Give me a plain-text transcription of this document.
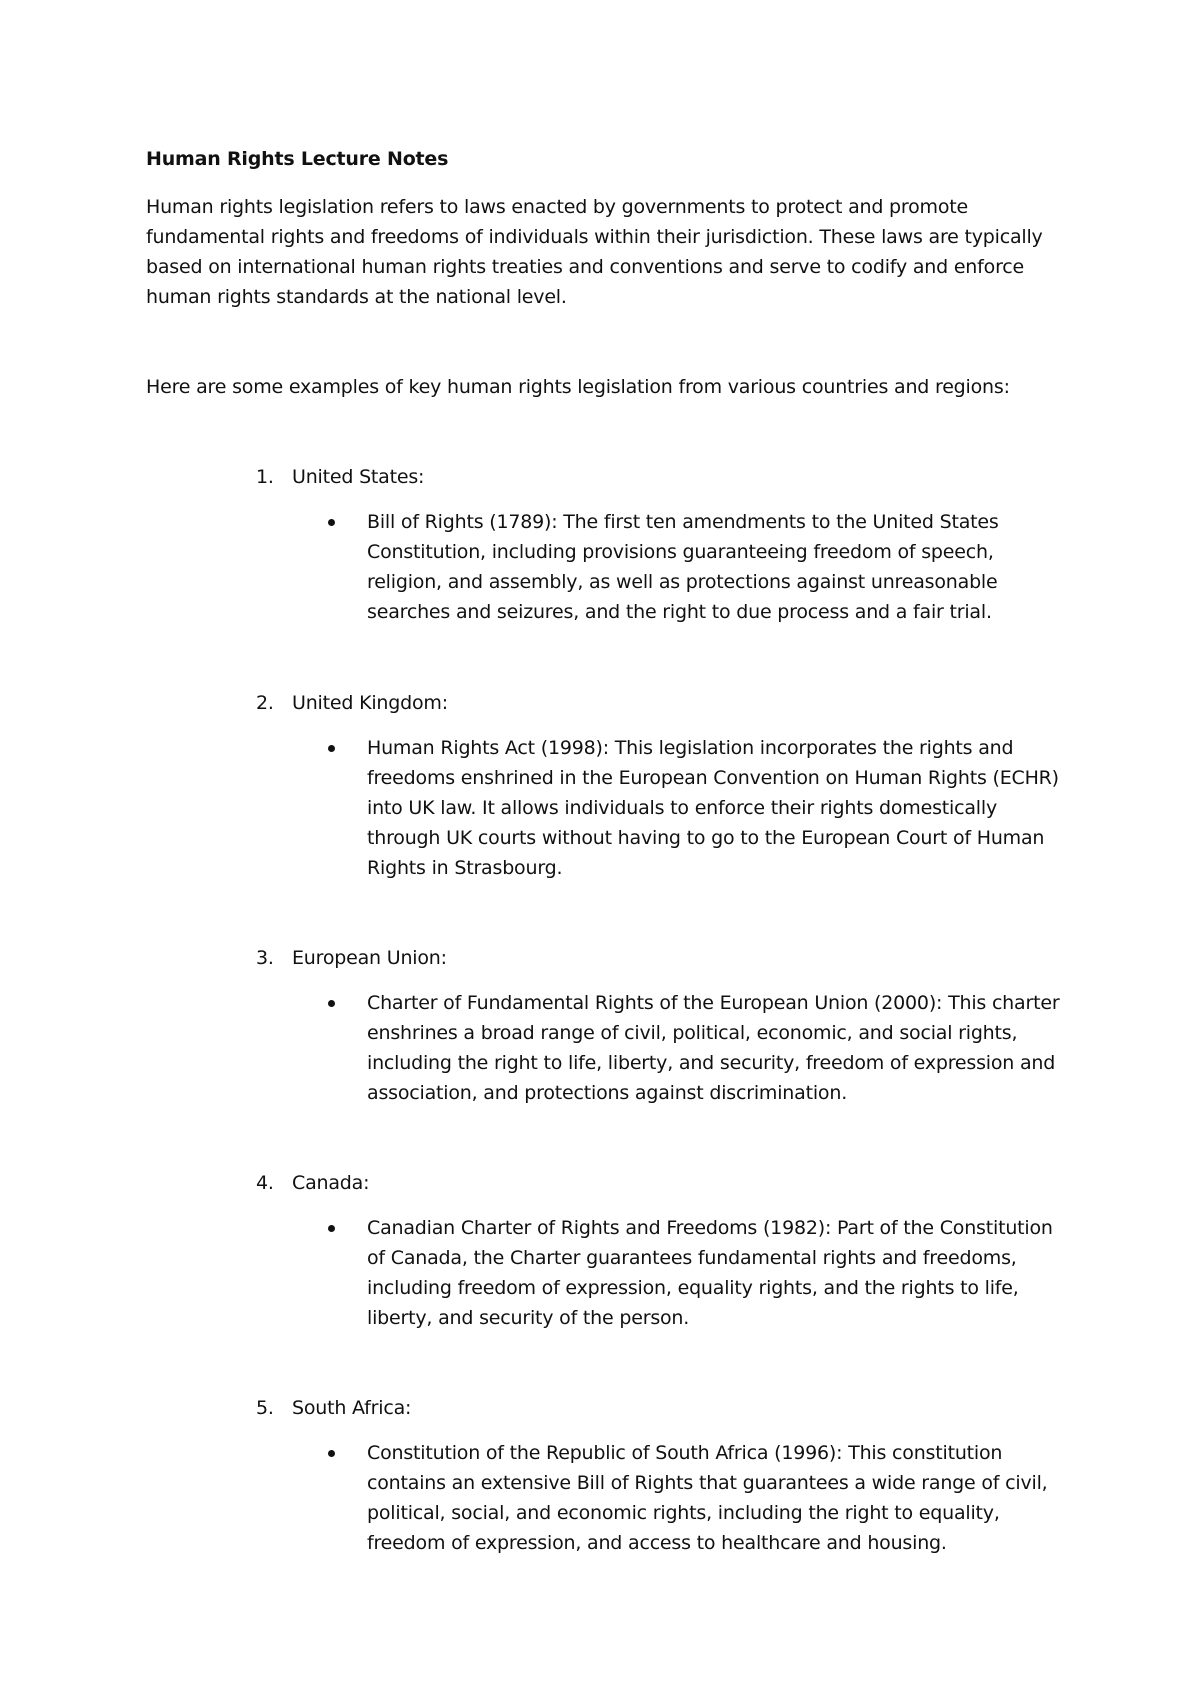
Human Rights Lecture Notes

Human rights legislation refers to laws enacted by governments to protect and promote fundamental rights and freedoms of individuals within their jurisdiction. These laws are typically based on international human rights treaties and conventions and serve to codify and enforce human rights standards at the national level.

Here are some examples of key human rights legislation from various countries and regions:

1. United States:

Bill of Rights (1789): The first ten amendments to the United States Constitution, including provisions guaranteeing freedom of speech, religion, and assembly, as well as protections against unreasonable searches and seizures, and the right to due process and a fair trial.

2. United Kingdom:

Human Rights Act (1998): This legislation incorporates the rights and freedoms enshrined in the European Convention on Human Rights (ECHR) into UK law. It allows individuals to enforce their rights domestically through UK courts without having to go to the European Court of Human Rights in Strasbourg.

3. European Union:

Charter of Fundamental Rights of the European Union (2000): This charter enshrines a broad range of civil, political, economic, and social rights, including the right to life, liberty, and security, freedom of expression and association, and protections against discrimination.

4. Canada:

Canadian Charter of Rights and Freedoms (1982): Part of the Constitution of Canada, the Charter guarantees fundamental rights and freedoms, including freedom of expression, equality rights, and the rights to life, liberty, and security of the person.

5. South Africa:

Constitution of the Republic of South Africa (1996): This constitution contains an extensive Bill of Rights that guarantees a wide range of civil, political, social, and economic rights, including the right to equality, freedom of expression, and access to healthcare and housing.
